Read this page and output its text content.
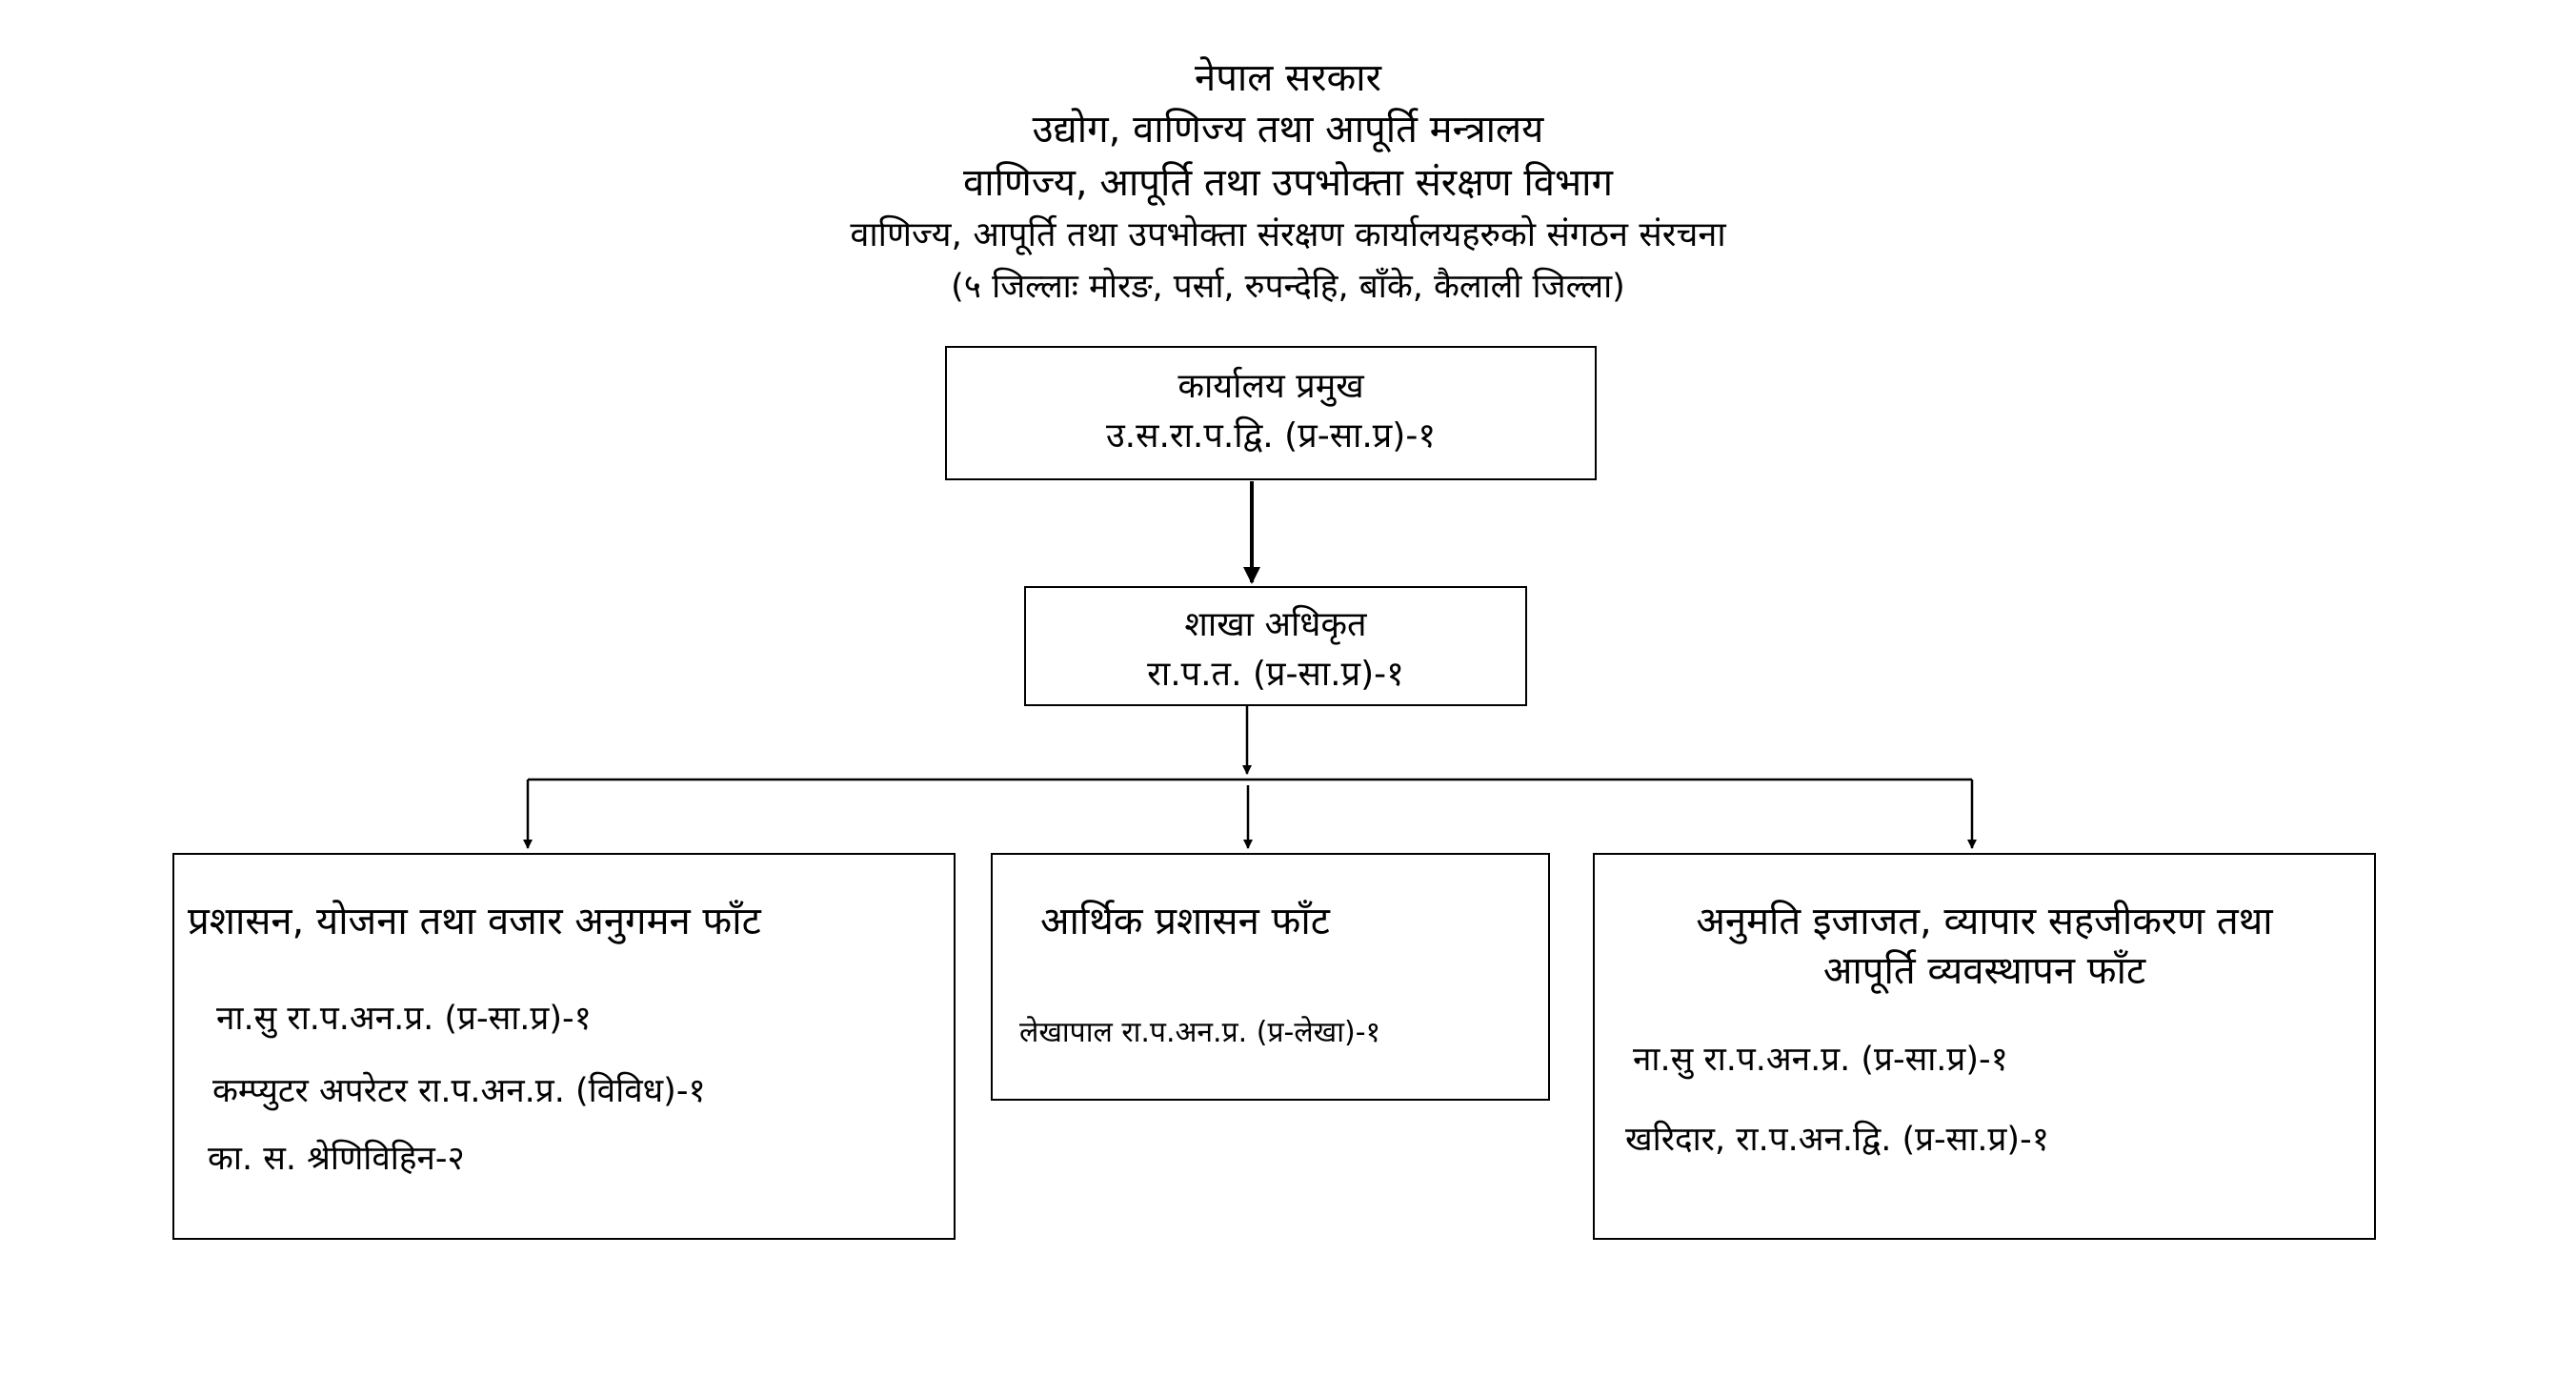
नेपाल सरकार
उद्योग, वाणिज्य तथा आपूर्ति मन्त्रालय
वाणिज्य, आपूर्ति तथा उपभोक्ता संरक्षण विभाग
वाणिज्य, आपूर्ति तथा उपभोक्ता संरक्षण कार्यालयहरुको संगठन संरचना
(५ जिल्लाः मोरङ, पर्सा, रुपन्देहि, बाँके, कैलाली जिल्ला)
कार्यालय प्रमुख
उ.स.रा.प.द्वि. (प्र-सा.प्र)-१
शाखा अधिकृत
रा.प.त. (प्र-सा.प्र)-१
प्रशासन, योजना तथा वजार अनुगमन फाँट
ना.सु रा.प.अन.प्र. (प्र-सा.प्र)-१
कम्प्युटर अपरेटर रा.प.अन.प्र. (विविध)-१
का. स. श्रेणिविहिन-२
आर्थिक प्रशासन फाँट
लेखापाल रा.प.अन.प्र. (प्र-लेखा)-१
अनुमति इजाजत, व्यापार सहजीकरण तथा
आपूर्ति व्यवस्थापन फाँट
ना.सु रा.प.अन.प्र. (प्र-सा.प्र)-१
खरिदार, रा.प.अन.द्वि. (प्र-सा.प्र)-१
